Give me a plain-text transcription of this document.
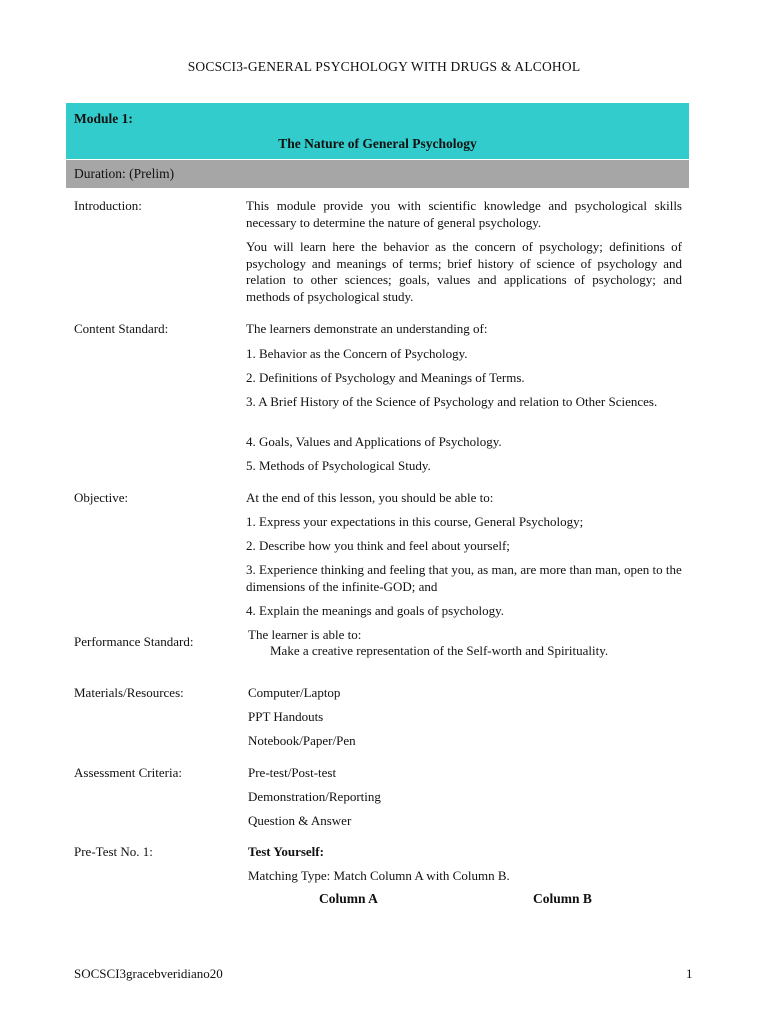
SOCSCI3-GENERAL PSYCHOLOGY WITH DRUGS & ALCOHOL
Module 1:
The Nature of General Psychology
Duration: (Prelim)
Introduction:	This module provide you with scientific knowledge and psychological skills necessary to determine the nature of general psychology.
You will learn here the behavior as the concern of psychology; definitions of psychology and meanings of terms; brief history of science of psychology and relation to other sciences; goals, values and applications of psychology; and methods of psychological study.
Content Standard:	The learners demonstrate an understanding of:
1. Behavior as the Concern of Psychology.
2. Definitions of Psychology and Meanings of Terms.
3. A Brief History of the Science of Psychology and relation to Other Sciences.
4. Goals, Values and Applications of Psychology.
5. Methods of Psychological Study.
Objective:	At the end of this lesson, you should be able to:
1. Express your expectations in this course, General Psychology;
2. Describe how you think and feel about yourself;
3. Experience thinking and feeling that you, as man, are more than man, open to the dimensions of the infinite-GOD; and
4. Explain the meanings and goals of psychology.
Performance Standard:	The learner is able to:
Make a creative representation of the Self-worth and Spirituality.
Materials/Resources:	Computer/Laptop
PPT Handouts
Notebook/Paper/Pen
Assessment Criteria:	Pre-test/Post-test
Demonstration/Reporting
Question & Answer
Pre-Test No. 1:	Test Yourself:
Matching Type: Match Column A with Column B.
Column A	Column B
SOCSCI3gracebveridiano20	1
